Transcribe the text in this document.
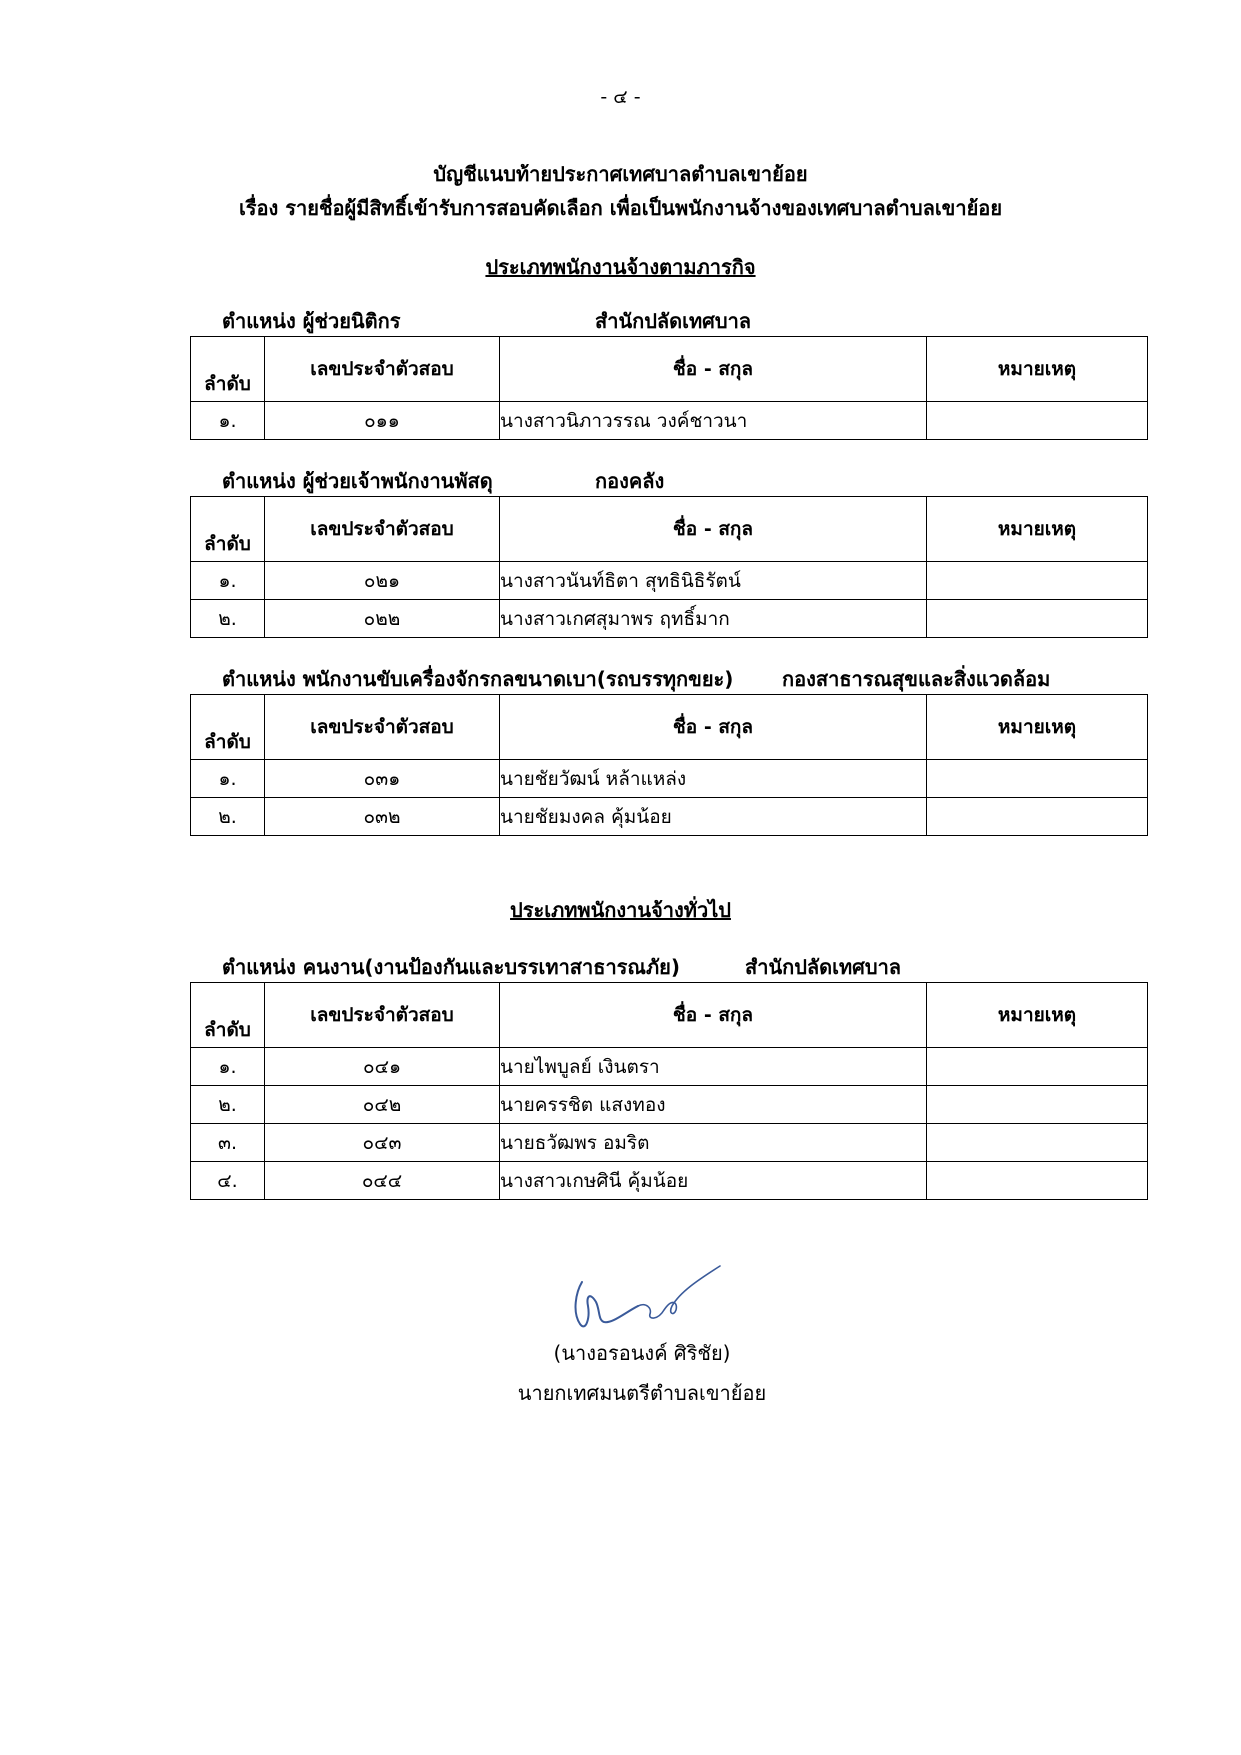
- ๔ -
บัญชีแนบท้ายประกาศเทศบาลตำบลเขาย้อย
เรื่อง รายชื่อผู้มีสิทธิ์เข้ารับการสอบคัดเลือก เพื่อเป็นพนักงานจ้างของเทศบาลตำบลเขาย้อย
ประเภทพนักงานจ้างตามภารกิจ
ตำแหน่ง ผู้ช่วยนิติกร	สำนักปลัดเทศบาล
ลำดับ	เลขประจำตัวสอบ	ชื่อ - สกุล	หมายเหตุ
๑.	๐๑๑	นางสาวนิภาวรรณ วงค์ชาวนา	
ตำแหน่ง ผู้ช่วยเจ้าพนักงานพัสดุ	กองคลัง
ลำดับ	เลขประจำตัวสอบ	ชื่อ - สกุล	หมายเหตุ
๑.	๐๒๑	นางสาวนันท์ธิตา สุทธินิธิรัตน์	
๒.	๐๒๒	นางสาวเกศสุมาพร ฤทธิ์มาก	
ตำแหน่ง พนักงานขับเครื่องจักรกลขนาดเบา(รถบรรทุกขยะ) กองสาธารณสุขและสิ่งแวดล้อม
ลำดับ	เลขประจำตัวสอบ	ชื่อ - สกุล	หมายเหตุ
๑.	๐๓๑	นายชัยวัฒน์ หล้าแหล่ง	
๒.	๐๓๒	นายชัยมงคล คุ้มน้อย	
ประเภทพนักงานจ้างทั่วไป
ตำแหน่ง คนงาน(งานป้องกันและบรรเทาสาธารณภัย)	สำนักปลัดเทศบาล
ลำดับ	เลขประจำตัวสอบ	ชื่อ - สกุล	หมายเหตุ
๑.	๐๔๑	นายไพบูลย์ เงินตรา	
๒.	๐๔๒	นายครรชิต แสงทอง	
๓.	๐๔๓	นายธวัฒพร อมริต	
๔.	๐๔๔	นางสาวเกษศินี คุ้มน้อย	
(นางอรอนงค์ ศิริชัย)
นายกเทศมนตรีตำบลเขาย้อย
